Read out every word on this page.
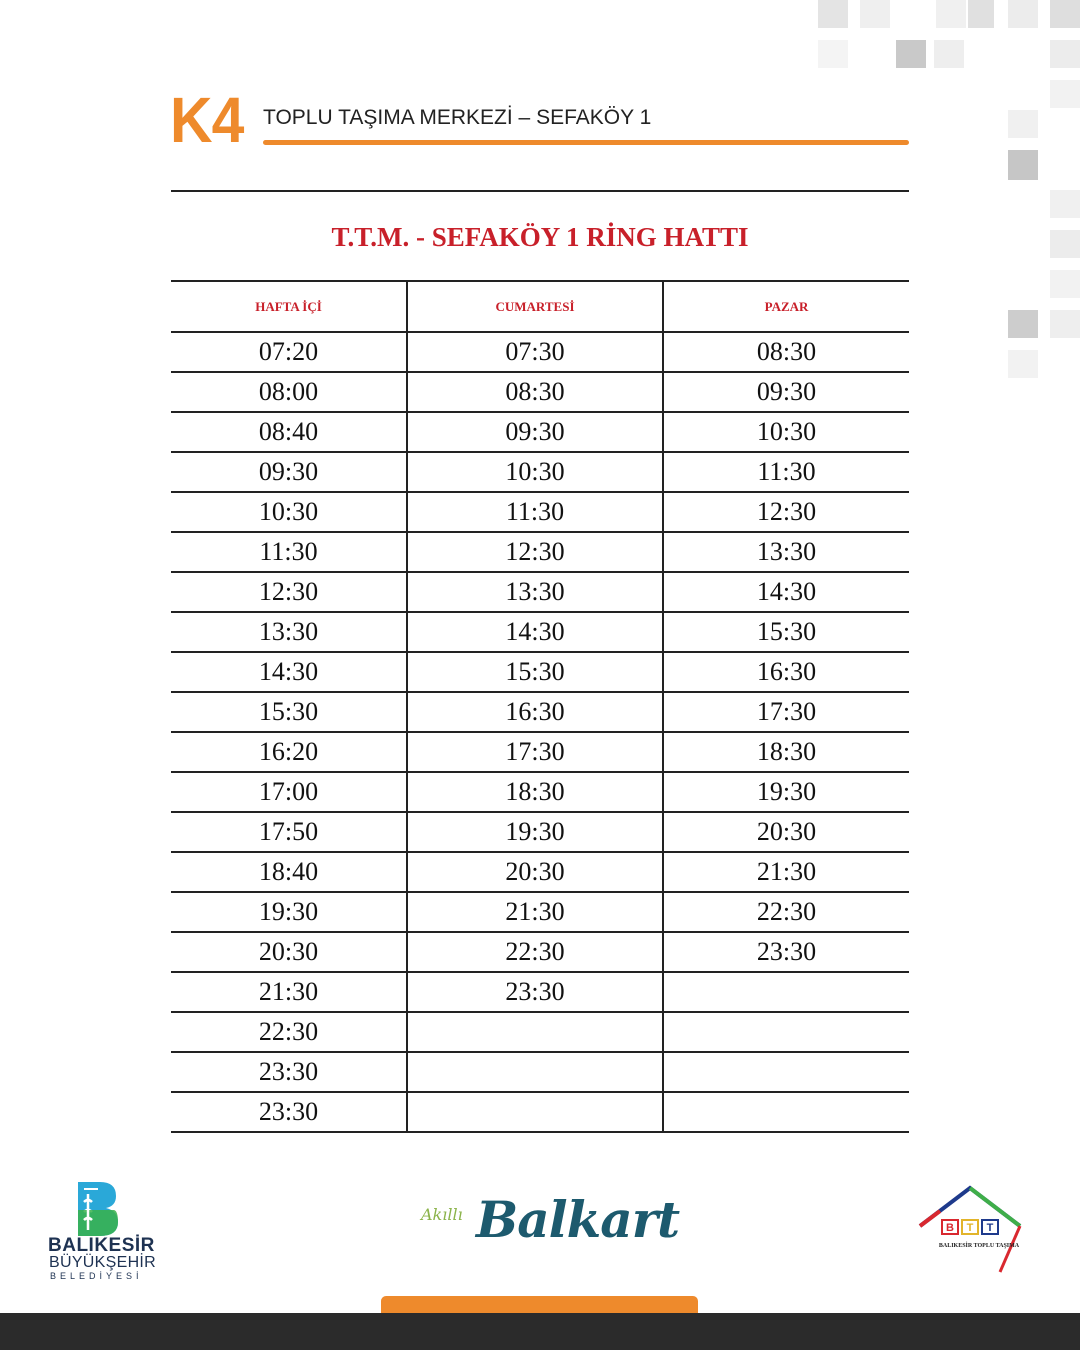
K4 TOPLU TAŞIMA MERKEZİ – SEFAKÖY 1
T.T.M. - SEFAKÖY 1 RİNG HATTI
HAFTA İÇİ	CUMARTESİ	PAZAR
07:20	07:30	08:30
08:00	08:30	09:30
08:40	09:30	10:30
09:30	10:30	11:30
10:30	11:30	12:30
11:30	12:30	13:30
12:30	13:30	14:30
13:30	14:30	15:30
14:30	15:30	16:30
15:30	16:30	17:30
16:20	17:30	18:30
17:00	18:30	19:30
17:50	19:30	20:30
18:40	20:30	21:30
19:30	21:30	22:30
20:30	22:30	23:30
21:30	23:30	
22:30		
23:30		
23:30		
BALIKESİR
BÜYÜKŞEHİR
BELEDİYESİ
Akıllı Balkart	B T T
BALIKESİR TOPLU TAŞIMA
